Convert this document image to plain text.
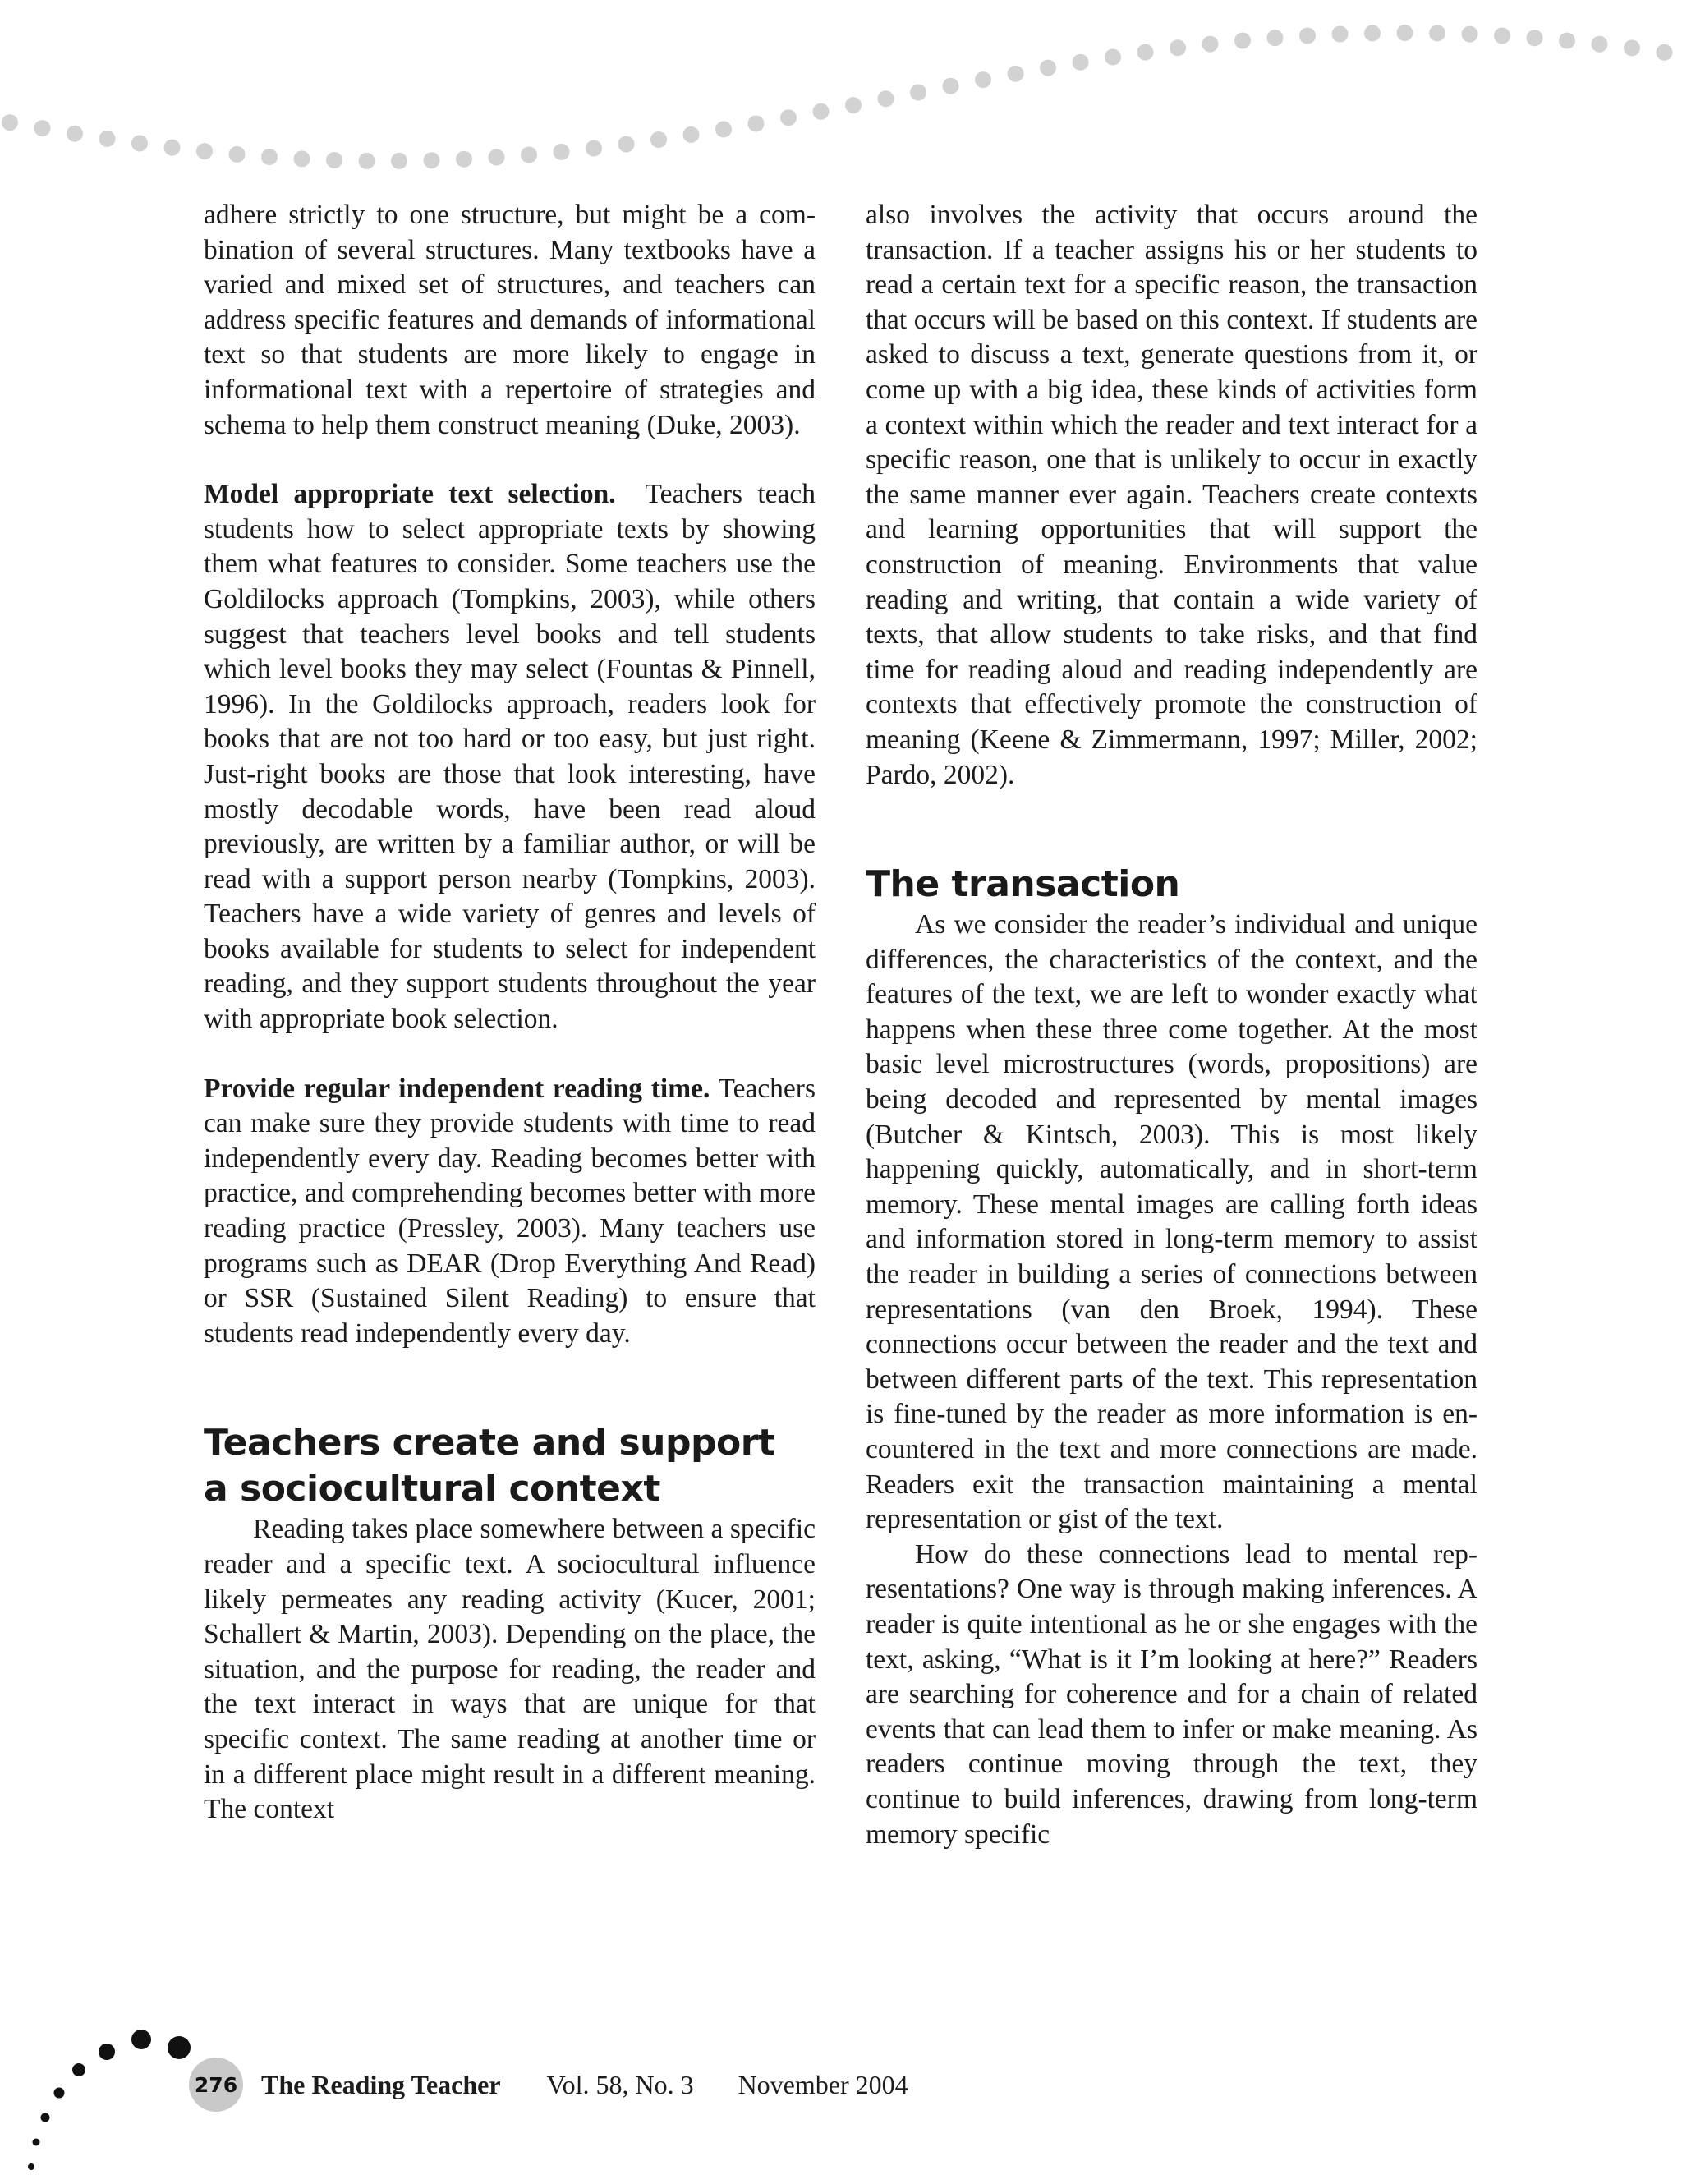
adhere strictly to one structure, but might be a combination of several structures. Many textbooks have a varied and mixed set of structures, and teachers can address specific features and demands of informational text so that students are more likely to engage in informational text with a repertoire of strategies and schema to help them construct meaning (Duke, 2003).

Model appropriate text selection. Teachers teach students how to select appropriate texts by showing them what features to consider. Some teachers use the Goldilocks approach (Tompkins, 2003), while others suggest that teachers level books and tell students which level books they may select (Fountas & Pinnell, 1996). In the Goldilocks approach, readers look for books that are not too hard or too easy, but just right. Just-right books are those that look interesting, have mostly decodable words, have been read aloud previously, are written by a familiar author, or will be read with a support person nearby (Tompkins, 2003). Teachers have a wide variety of genres and levels of books available for students to select for independent reading, and they support students throughout the year with appropriate book selection.

Provide regular independent reading time. Teachers can make sure they provide students with time to read independently every day. Reading becomes better with practice, and comprehending becomes better with more reading practice (Pressley, 2003). Many teachers use programs such as DEAR (Drop Everything And Read) or SSR (Sustained Silent Reading) to ensure that students read independently every day.

Teachers create and support
a sociocultural context

Reading takes place somewhere between a specific reader and a specific text. A sociocultural influence likely permeates any reading activity (Kucer, 2001; Schallert & Martin, 2003). Depending on the place, the situation, and the purpose for reading, the reader and the text interact in ways that are unique for that specific context. The same reading at another time or in a different place might result in a different meaning. The context

also involves the activity that occurs around the transaction. If a teacher assigns his or her students to read a certain text for a specific reason, the transaction that occurs will be based on this context. If students are asked to discuss a text, generate questions from it, or come up with a big idea, these kinds of activities form a context within which the reader and text interact for a specific reason, one that is unlikely to occur in exactly the same manner ever again. Teachers create contexts and learning opportunities that will support the construction of meaning. Environments that value reading and writing, that contain a wide variety of texts, that allow students to take risks, and that find time for reading aloud and reading independently are contexts that effectively promote the construction of meaning (Keene & Zimmermann, 1997; Miller, 2002; Pardo, 2002).

The transaction

As we consider the reader’s individual and unique differences, the characteristics of the context, and the features of the text, we are left to wonder exactly what happens when these three come together. At the most basic level microstructures (words, propositions) are being decoded and represented by mental images (Butcher & Kintsch, 2003). This is most likely happening quickly, automatically, and in short-term memory. These mental images are calling forth ideas and information stored in long-term memory to assist the reader in building a series of connections between representations (van den Broek, 1994). These connections occur between the reader and the text and between different parts of the text. This representation is fine-tuned by the reader as more information is encountered in the text and more connections are made. Readers exit the transaction maintaining a mental representation or gist of the text.

How do these connections lead to mental representations? One way is through making inferences. A reader is quite intentional as he or she engages with the text, asking, “What is it I’m looking at here?” Readers are searching for coherence and for a chain of related events that can lead them to infer or make meaning. As readers continue moving through the text, they continue to build inferences, drawing from long-term memory specific

276 The Reading Teacher Vol. 58, No. 3 November 2004
